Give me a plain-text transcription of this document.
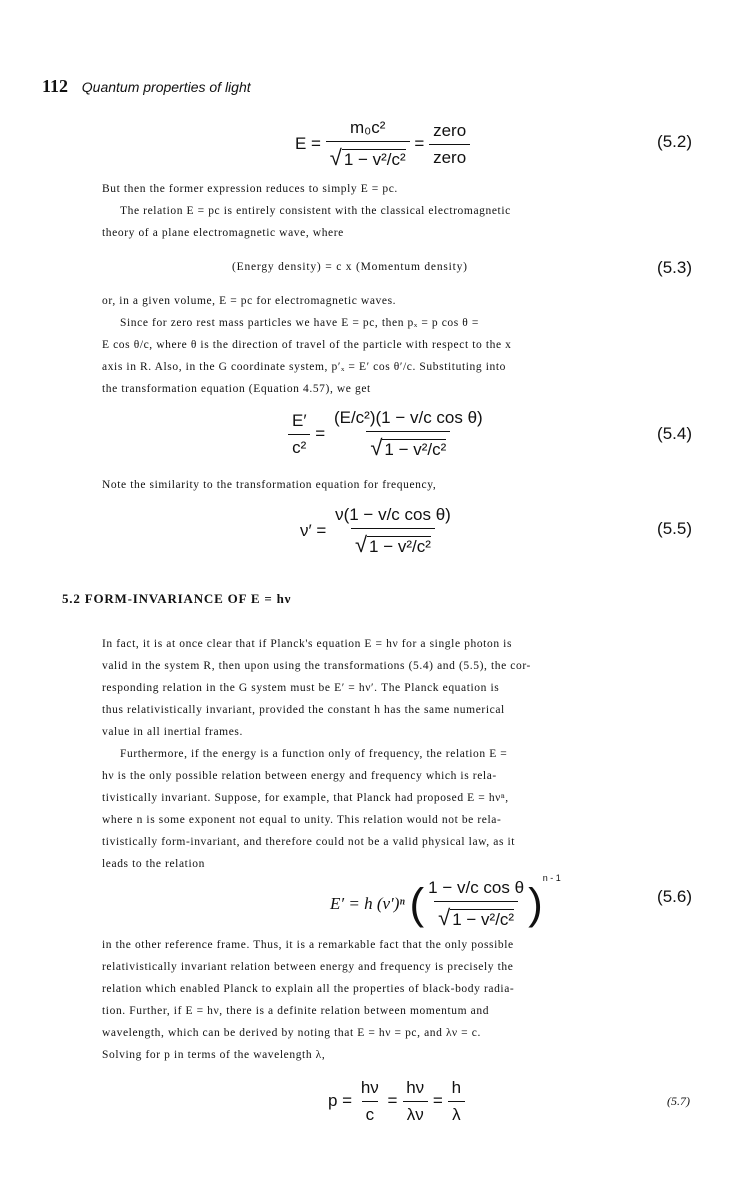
112 Quantum properties of light
$E = \frac{\text{m₀c²}}{\text{√ 1 − v²/c²}} = \frac{\text{zero}}{\text{zero}}$	(5.2)

But then the former expression reduces to simply E = pc.

The relation E = pc is entirely consistent with the classical electromagnetic

theory of a plane electromagnetic wave, where

(Energy density) = c x (Momentum density)	(5.3)

or, in a given volume, E = pc for electromagnetic waves.

Since for zero rest mass particles we have E = pc, then pₓ = p cos θ =

E cos θ/c, where θ is the direction of travel of the particle with respect to the x

axis in R. Also, in the G coordinate system, p′ₓ = E′ cos θ′/c. Substituting into

the transformation equation (Equation 4.57), we get

$\frac{E'}{\text{c²}} = \frac{\text{(E/c²)(1 − v/c cos θ)}}{\text{√ 1 − v²/c²}}$	(5.4)

Note the similarity to the transformation equation for frequency,

$\nu' = \frac{\text{ν(1 − v/c cos θ)}}{\text{√ 1 − v²/c²}}$	(5.5)
5.2 FORM-INVARIANCE OF E = hν

In fact, it is at once clear that if Planck's equation E = hν for a single photon is

valid in the system R, then upon using the transformations (5.4) and (5.5), the cor-

responding relation in the G system must be E′ = hν′. The Planck equation is

thus relativistically invariant, provided the constant h has the same numerical

value in all inertial frames.

Furthermore, if the energy is a function only of frequency, the relation E =

hν is the only possible relation between energy and frequency which is rela-

tivistically invariant. Suppose, for example, that Planck had proposed E = hνⁿ,

where n is some exponent not equal to unity. This relation would not be rela-

tivistically form-invariant, and therefore could not be a valid physical law, as it

leads to the relation

E′ = h (ν′)ⁿ ( $\frac{\text{1 − v/c cos θ}}{\text{√ 1 − v²/c²}} )^{n - 1}$
(5.6)

in the other reference frame. Thus, it is a remarkable fact that the only possible

relativistically invariant relation between energy and frequency is precisely the

relation which enabled Planck to explain all the properties of black-body radia-

tion. Further, if E = hν, there is a definite relation between momentum and

wavelength, which can be derived by noting that E = hν = pc, and λν = c.

Solving for p in terms of the wavelength λ,

$p = \frac{h\nu}{c} = \frac{h\nu}{\lambda\nu} = \frac{h}{\lambda}$	(5.7)
